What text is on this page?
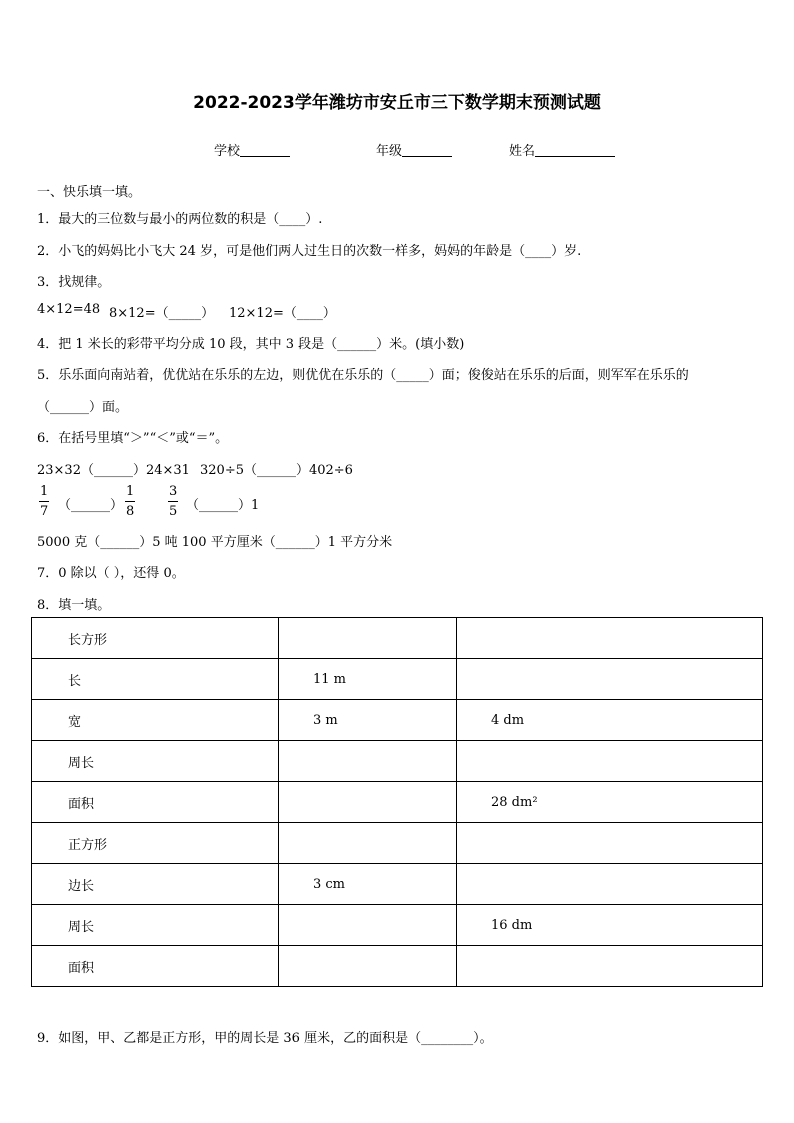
2022-2023学年潍坊市安丘市三下数学期末预测试题
学校	年级	姓名
一、快乐填一填。
1．最大的三位数与最小的两位数的积是（____）.
2．小飞的妈妈比小飞大 24 岁，可是他们两人过生日的次数一样多，妈妈的年龄是（____）岁.
3．找规律。
4×12=48 8×12=（_____） 12×12=（____）
4．把 1 米长的彩带平均分成 10 段，其中 3 段是（______）米。(填小数)
5．乐乐面向南站着，优优站在乐乐的左边，则优优在乐乐的（_____）面；俊俊站在乐乐的后面，则军军在乐乐的
（______）面。
6．在括号里填“＞”“＜”或“＝”。
23×32（______）24×31 320÷5（______）402÷6
$\frac{1}{7}$ （______） $\frac{1}{8}$	$\frac{3}{5}$ （______）1
5000 克（______）5 吨 100 平方厘米（______）1 平方分米
7．0 除以（ ），还得 0。
8．填一填。
长方形		
长	11 m	
宽	3 m	4 dm
周长		
面积		28 dm²
正方形		
边长	3 cm	
周长		16 dm
面积		
9．如图，甲、乙都是正方形，甲的周长是 36 厘米，乙的面积是（________）。
